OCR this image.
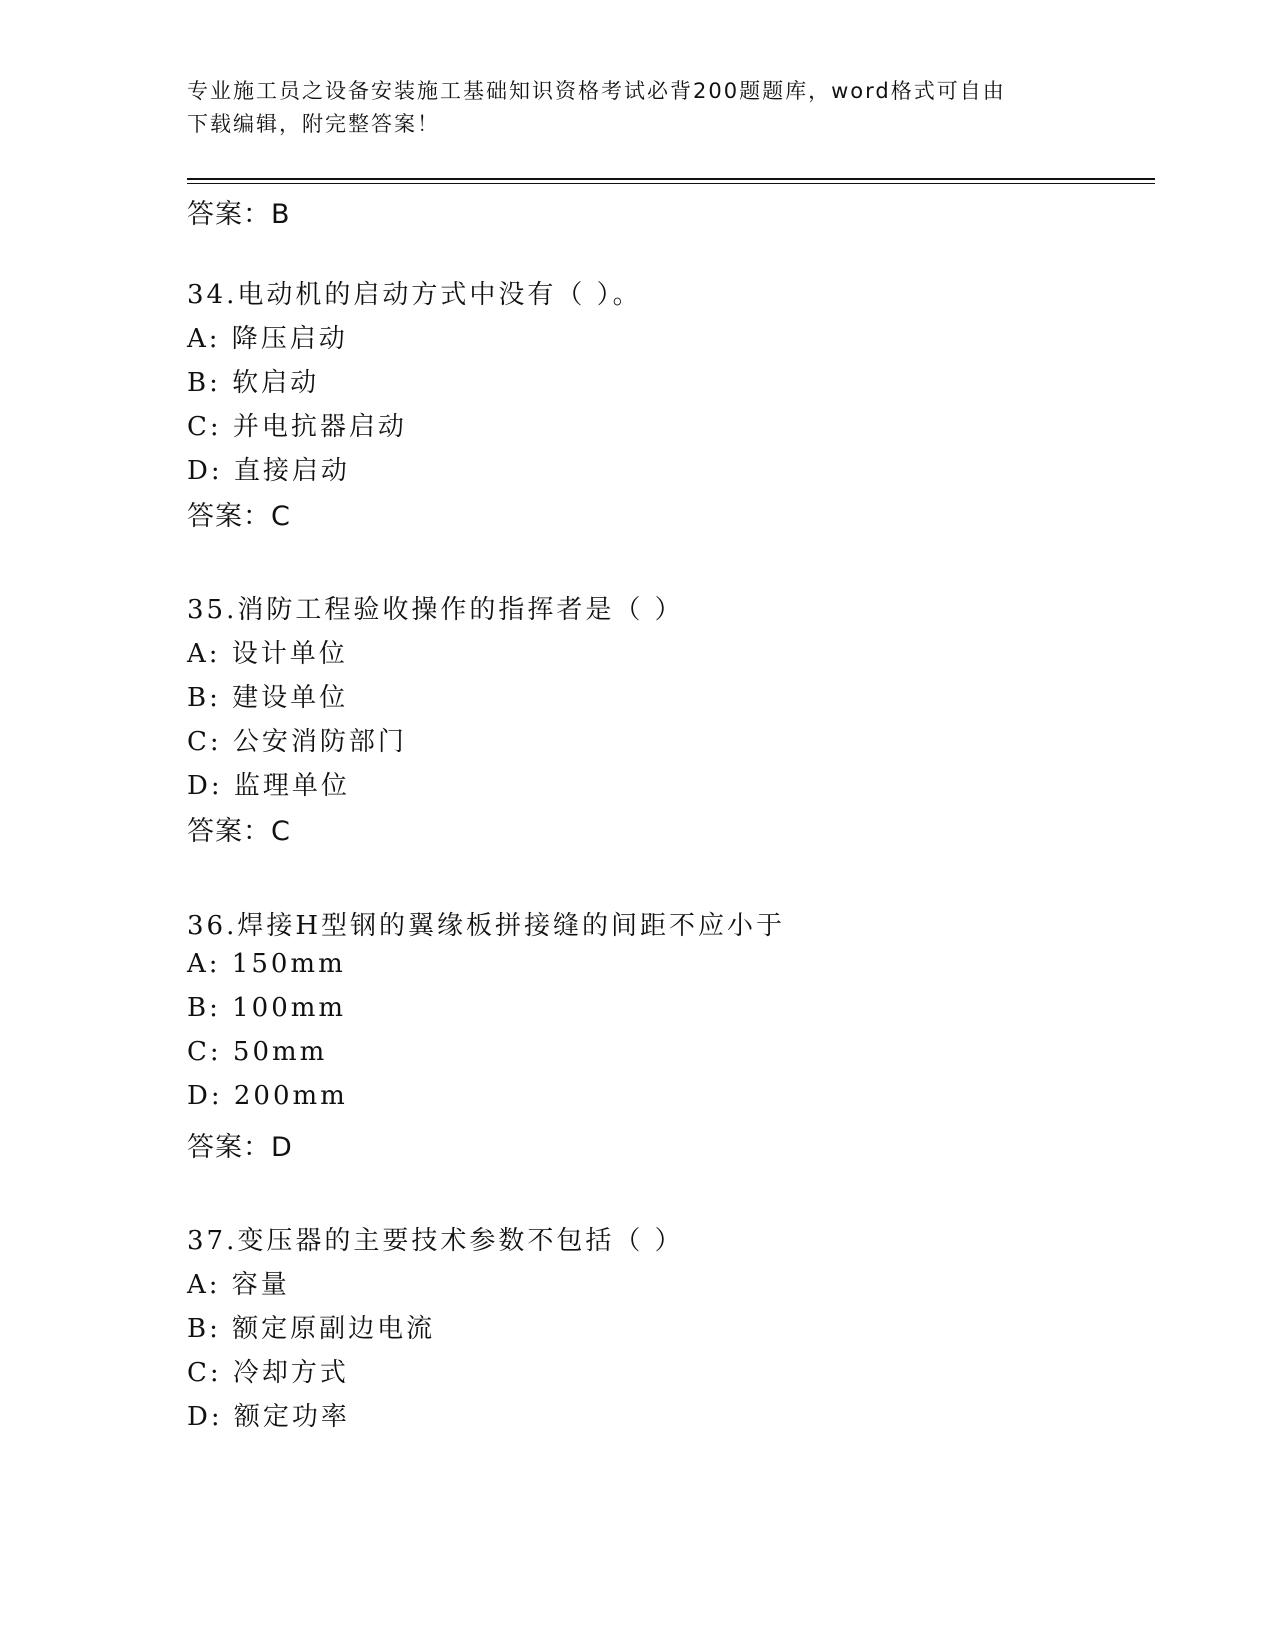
专业施工员之设备安装施工基础知识资格考试必背200题题库，word格式可自由
下载编辑，附完整答案！
答案：B
34.电动机的启动方式中没有（ ）。
A: 降压启动
B: 软启动
C: 并电抗器启动
D: 直接启动
答案：C
35.消防工程验收操作的指挥者是（ ）
A: 设计单位
B: 建设单位
C: 公安消防部门
D: 监理单位
答案：C
36.焊接H型钢的翼缘板拼接缝的间距不应小于
A: 150mm
B: 100mm
C: 50mm
D: 200mm
答案：D
37.变压器的主要技术参数不包括（ ）
A: 容量
B: 额定原副边电流
C: 冷却方式
D: 额定功率
